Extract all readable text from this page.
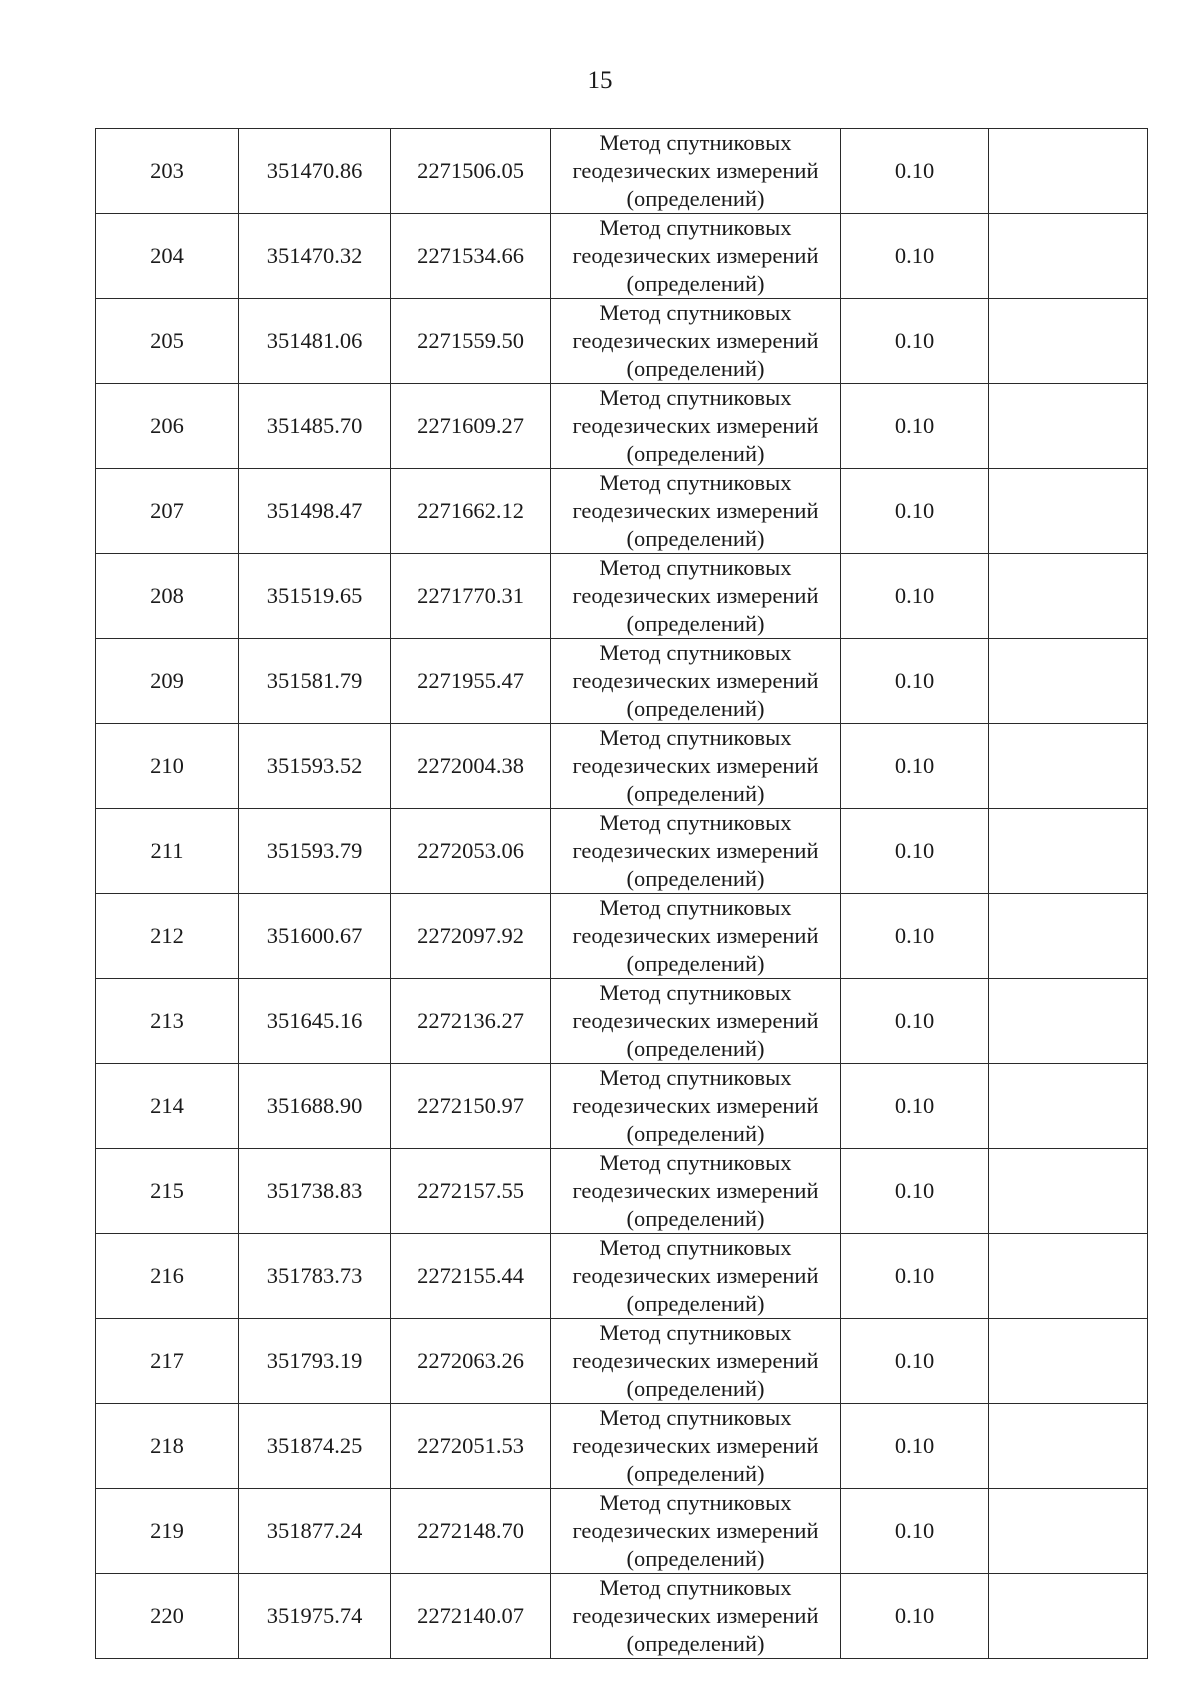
15
203	351470.86	2271506.05	Метод спутниковых
геодезических измерений
(определений)	0.10	
204	351470.32	2271534.66	Метод спутниковых
геодезических измерений
(определений)	0.10	
205	351481.06	2271559.50	Метод спутниковых
геодезических измерений
(определений)	0.10	
206	351485.70	2271609.27	Метод спутниковых
геодезических измерений
(определений)	0.10	
207	351498.47	2271662.12	Метод спутниковых
геодезических измерений
(определений)	0.10	
208	351519.65	2271770.31	Метод спутниковых
геодезических измерений
(определений)	0.10	
209	351581.79	2271955.47	Метод спутниковых
геодезических измерений
(определений)	0.10	
210	351593.52	2272004.38	Метод спутниковых
геодезических измерений
(определений)	0.10	
211	351593.79	2272053.06	Метод спутниковых
геодезических измерений
(определений)	0.10	
212	351600.67	2272097.92	Метод спутниковых
геодезических измерений
(определений)	0.10	
213	351645.16	2272136.27	Метод спутниковых
геодезических измерений
(определений)	0.10	
214	351688.90	2272150.97	Метод спутниковых
геодезических измерений
(определений)	0.10	
215	351738.83	2272157.55	Метод спутниковых
геодезических измерений
(определений)	0.10	
216	351783.73	2272155.44	Метод спутниковых
геодезических измерений
(определений)	0.10	
217	351793.19	2272063.26	Метод спутниковых
геодезических измерений
(определений)	0.10	
218	351874.25	2272051.53	Метод спутниковых
геодезических измерений
(определений)	0.10	
219	351877.24	2272148.70	Метод спутниковых
геодезических измерений
(определений)	0.10	
220	351975.74	2272140.07	Метод спутниковых
геодезических измерений
(определений)	0.10	
